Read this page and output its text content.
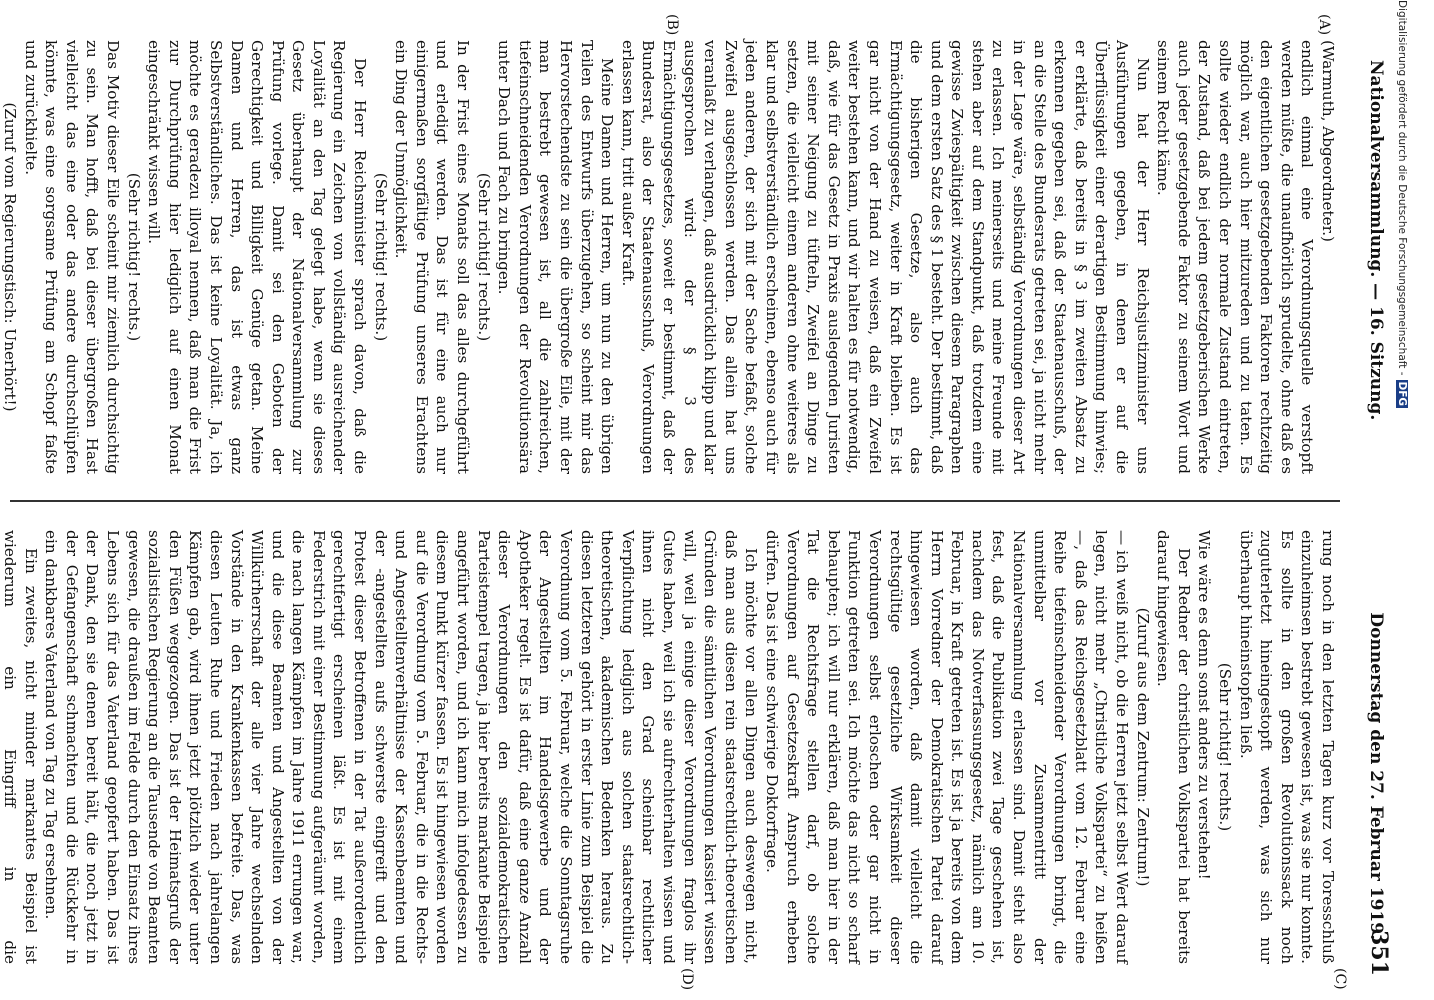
Nationalversammlung. — 16. Sitzung.
Donnerstag den 27. Februar 1919.
351
(A)
(B)
(C)
(D)

(Warmuth, Abgeordneter.)

endlich einmal eine Verordnungsquelle verstopft werden müßte, die unaufhörlich sprudelte, ohne daß es den eigentlichen gesetzgebenden Faktoren rechtzeitig möglich war, auch hier mitzureden und zu taten. Es sollte wieder endlich der normale Zustand eintreten, der Zustand, daß bei jedem gesetzgeberischen Werke auch jeder gesetzgebende Faktor zu seinem Wort und seinem Recht käme.

Nun hat der Herr Reichsjustizminister uns Ausführungen gegeben, in denen er auf die Überflüssigkeit einer derartigen Bestimmung hinwies; er erklärte, daß bereits in § 3 im zweiten Absatz zu erkennen gegeben sei, daß der Staatenausschuß, der an die Stelle des Bundesrats getreten sei, ja nicht mehr in der Lage wäre, selbständig Verordnungen dieser Art zu erlassen. Ich meinerseits und meine Freunde mit stehen aber auf dem Standpunkt, daß trotzdem eine gewisse Zwiespältigkeit zwischen diesem Paragraphen und dem ersten Satz des § 1 besteht. Der bestimmt, daß die bisherigen Gesetze, also auch das Ermächtigungsgesetz, weiter in Kraft bleiben. Es ist gar nicht von der Hand zu weisen, daß ein Zweifel weiter bestehen kann, und wir halten es für notwendig, daß, wie für das Gesetz in Praxis auslegenden Juristen mit seiner Neigung zu tüfteln, Zweifel an Dinge zu setzen, die vielleicht einem anderen ohne weiteres als klar und selbstverständlich erscheinen, ebenso auch für jeden anderen, der sich mit der Sache befaßt, solche Zweifel ausgeschlossen werden. Das allein hat uns veranlaßt zu verlangen, daß ausdrücklich klipp und klar ausgesprochen wird: der § 3 des Ermächtigungsgesetzes, soweit er bestimmt, daß der Bundesrat, also der Staatenausschuß, Verordnungen erlassen kann, tritt außer Kraft.

Meine Damen und Herren, um nun zu den übrigen Teilen des Entwurfs überzugehen, so scheint mir das Hervorstechendste zu sein die übergroße Eile, mit der man bestrebt gewesen ist, all die zahlreichen, tiefeinschneidenden Verordnungen der Revolutionsära unter Dach und Fach zu bringen.

(Sehr richtig! rechts.)

In der Frist eines Monats soll das alles durchgeführt und erledigt werden. Das ist für eine auch nur einigermaßen sorgfältige Prüfung unseres Erachtens ein Ding der Unmöglichkeit.

(Sehr richtig! rechts.)

Der Herr Reichsminister sprach davon, daß die Regierung ein Zeichen von vollständig ausreichender Loyalität an den Tag gelegt habe, wenn sie dieses Gesetz überhaupt der Nationalversammlung zur Prüfung vorlege. Damit sei den Geboten der Gerechtigkeit und Billigkeit Genüge getan. Meine Damen und Herren, das ist etwas ganz Selbstverständliches. Das ist keine Loyalität. Ja, ich möchte es geradezu illoyal nennen, daß man die Frist zur Durchprüfung hier lediglich auf einen Monat eingeschränkt wissen will.

(Sehr richtig! rechts.)

Das Motiv dieser Eile scheint mir ziemlich durchsichtig zu sein. Man hofft, daß bei dieser übergroßen Hast vielleicht das eine oder das andere durchschlüpfen könnte, was eine sorgsame Prüfung am Schopf faßte und zurückhielte.

(Zuruf vom Regierungstisch: Unerhört!)

rung noch in den letzten Tagen kurz vor Toresschluß einzuheimsen bestrebt gewesen ist, was sie nur konnte. Es sollte in den großen Revolutionssack noch zuguterletzt hineingestopft werden, was sich nur überhaupt hineinstopfen ließ.

(Sehr richtig! rechts.)

Wie wäre es denn sonst anders zu verstehen!

Der Redner der christlichen Volkspartei hat bereits darauf hingewiesen.

(Zuruf aus dem Zentrum: Zentrum!)

— ich weiß nicht, ob die Herren jetzt selbst Wert darauf legen, nicht mehr „Christliche Volkspartei“ zu heißen —, daß das Reichsgesetzblatt vom 12. Februar eine Reihe tiefeinschneidender Verordnungen bringt, die unmittelbar vor Zusammentritt der Nationalversammlung erlassen sind. Damit steht also fest, daß die Publikation zwei Tage geschehen ist, nachdem das Notverfassungsgesetz, nämlich am 10. Februar, in Kraft getreten ist. Es ist ja bereits von dem Herrn Vorredner der Demokratischen Partei darauf hingewiesen worden, daß damit vielleicht die rechtsgültige gesetzliche Wirksamkeit dieser Verordnungen selbst erloschen oder gar nicht in Funktion getreten sei. Ich möchte das nicht so scharf behaupten; ich will nur erklären, daß man hier in der Tat die Rechtsfrage stellen darf, ob solche Verordnungen auf Gesetzeskraft Anspruch erheben dürfen. Das ist eine schwierige Doktorfrage.

Ich möchte vor allen Dingen auch deswegen nicht, daß man aus diesen rein staatsrechtlich-theoretischen Gründen die sämtlichen Verordnungen kassiert wissen will, weil ja einige dieser Verordnungen fraglos ihr Gutes haben, weil ich sie aufrechterhalten wissen und ihnen nicht den Grad scheinbar rechtlicher Verpflichtung lediglich aus solchen staatsrechtlich-theoretischen, akademischen Bedenken heraus. Zu diesen letzteren gehört in erster Linie zum Beispiel die Verordnung vom 5. Februar, welche die Sonntagsruhe der Angestellten im Handelsgewerbe und der Apotheker regelt. Es ist dafür, daß eine ganze Anzahl dieser Verordnungen den sozialdemokratischen Parteistempel tragen, ja hier bereits markante Beispiele angeführt worden, und ich kann mich infolgedessen zu diesem Punkt kürzer fassen. Es ist hingewiesen worden auf die Verordnung vom 5. Februar, die in die Rechts- und Angestelltenverhältnisse der Kassenbeamten und der -angestellten aufs schwerste eingreift und den Protest dieser Betroffenen in der Tat außerordentlich gerechtfertigt erscheinen läßt. Es ist mit einem Federstrich mit einer Bestimmung aufgeräumt worden, die nach langen Kämpfen im Jahre 1911 errungen war, und die diese Beamten und Angestellten von der Willkürherrschaft der alle vier Jahre wechselnden Vorstände in den Krankenkassen befreite. Das, was diesen Leuten Ruhe und Frieden nach jahrelangen Kämpfen gab, wird ihnen jetzt plötzlich wieder unter den Füßen weggezogen. Das ist der Heimatsgruß der sozialistischen Regierung an die Tausende von Beamten gewesen, die draußen im Felde durch den Einsatz ihres Lebens sich für das Vaterland geopfert haben. Das ist der Dank, den sie denen bereit hält, die noch jetzt in der Gefangenschaft schmachten und die Rückkehr in ein dankbares Vaterland von Tag zu Tag ersehnen.

Ein zweites, nicht minder markantes Beispiel ist wiederum ein Eingriff in die

Digitalisierung gefördert durch die Deutsche Forschungsgemeinschaft -DFG
